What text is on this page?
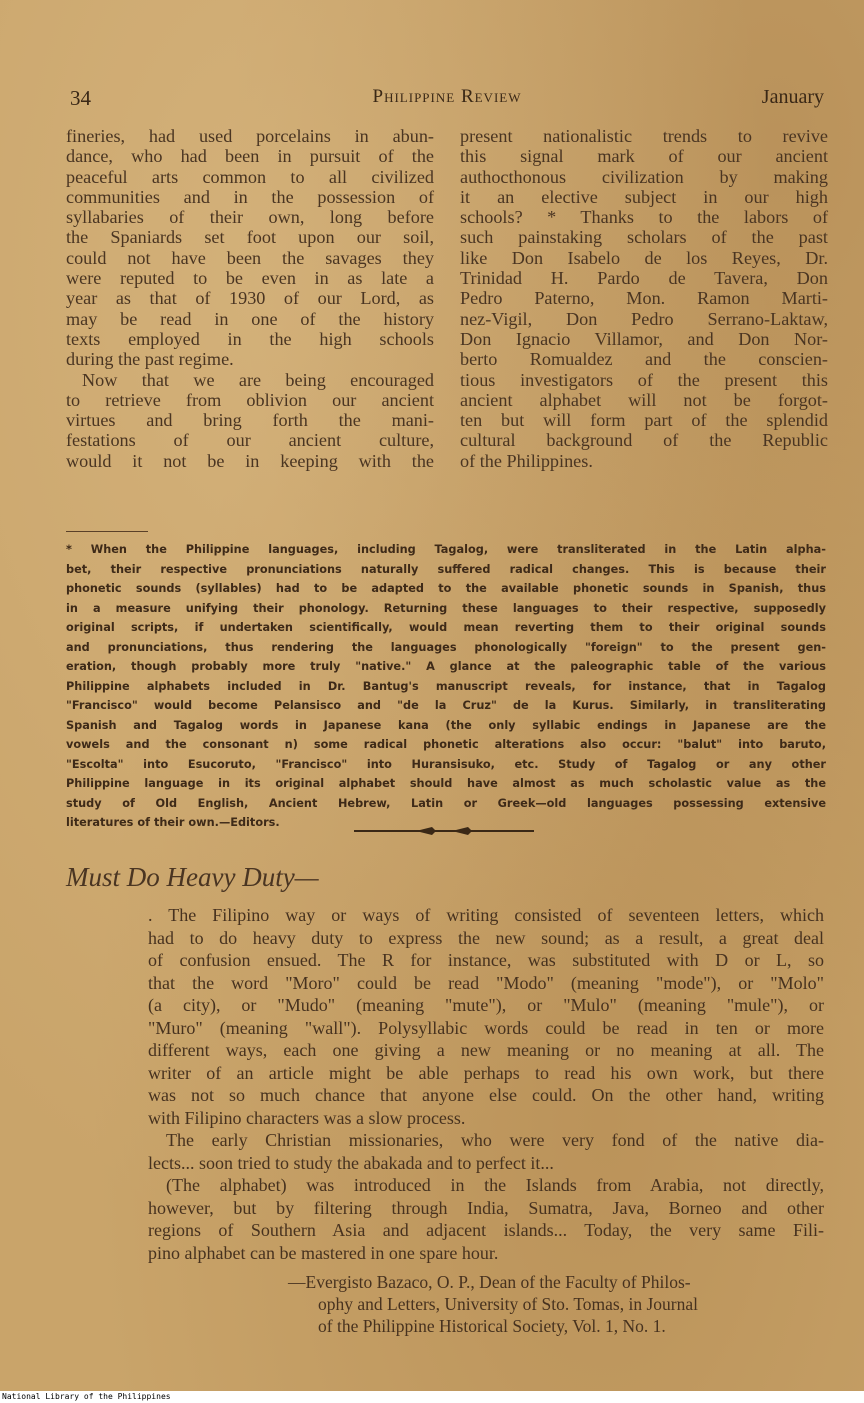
34	Philippine Review	January
fineries, had used porcelains in abun-
dance, who had been in pursuit of the
peaceful arts common to all civilized
communities and in the possession of
syllabaries of their own, long before
the Spaniards set foot upon our soil,
could not have been the savages they
were reputed to be even in as late a
year as that of 1930 of our Lord, as
may be read in one of the history
texts employed in the high schools
during the past regime.
Now that we are being encouraged
to retrieve from oblivion our ancient
virtues and bring forth the mani-
festations of our ancient culture,
would it not be in keeping with the
present nationalistic trends to revive
this signal mark of our ancient
authocthonous civilization by making
it an elective subject in our high
schools? * Thanks to the labors of
such painstaking scholars of the past
like Don Isabelo de los Reyes, Dr.
Trinidad H. Pardo de Tavera, Don
Pedro Paterno, Mon. Ramon Marti-
nez-Vigil, Don Pedro Serrano-Laktaw,
Don Ignacio Villamor, and Don Nor-
berto Romualdez and the conscien-
tious investigators of the present this
ancient alphabet will not be forgot-
ten but will form part of the splendid
cultural background of the Republic
of the Philippines.
* When the Philippine languages, including Tagalog, were transliterated in the Latin alpha-
bet, their respective pronunciations naturally suffered radical changes. This is because their
phonetic sounds (syllables) had to be adapted to the available phonetic sounds in Spanish, thus
in a measure unifying their phonology. Returning these languages to their respective, supposedly
original scripts, if undertaken scientifically, would mean reverting them to their original sounds
and pronunciations, thus rendering the languages phonologically "foreign" to the present gen-
eration, though probably more truly "native." A glance at the paleographic table of the various
Philippine alphabets included in Dr. Bantug's manuscript reveals, for instance, that in Tagalog
"Francisco" would become Pelansisco and "de la Cruz" de la Kurus. Similarly, in transliterating
Spanish and Tagalog words in Japanese kana (the only syllabic endings in Japanese are the
vowels and the consonant n) some radical phonetic alterations also occur: "balut" into baruto,
"Escolta" into Esucoruto, "Francisco" into Huransisuko, etc. Study of Tagalog or any other
Philippine language in its original alphabet should have almost as much scholastic value as the
study of Old English, Ancient Hebrew, Latin or Greek—old languages possessing extensive
literatures of their own.—Editors.
Must Do Heavy Duty—
. The Filipino way or ways of writing consisted of seventeen letters, which
had to do heavy duty to express the new sound; as a result, a great deal
of confusion ensued. The R for instance, was substituted with D or L, so
that the word "Moro" could be read "Modo" (meaning "mode"), or "Molo"
(a city), or "Mudo" (meaning "mute"), or "Mulo" (meaning "mule"), or
"Muro" (meaning "wall"). Polysyllabic words could be read in ten or more
different ways, each one giving a new meaning or no meaning at all. The
writer of an article might be able perhaps to read his own work, but there
was not so much chance that anyone else could. On the other hand, writing
with Filipino characters was a slow process.
The early Christian missionaries, who were very fond of the native dia-
lects... soon tried to study the abakada and to perfect it...
(The alphabet) was introduced in the Islands from Arabia, not directly,
however, but by filtering through India, Sumatra, Java, Borneo and other
regions of Southern Asia and adjacent islands... Today, the very same Fili-
pino alphabet can be mastered in one spare hour.
—Evergisto Bazaco, O. P., Dean of the Faculty of Philos-
ophy and Letters, University of Sto. Tomas, in Journal
of the Philippine Historical Society, Vol. 1, No. 1.
National Library of the Philippines
